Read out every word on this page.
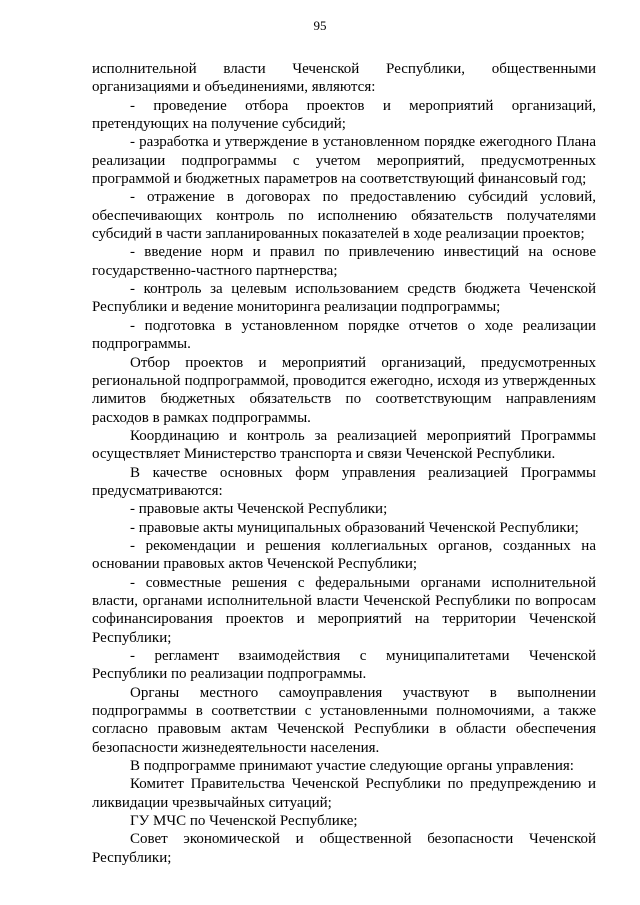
95

исполнительной власти Чеченской Республики, общественными организациями и объединениями, являются:

- проведение отбора проектов и мероприятий организаций, претендующих на получение субсидий;

- разработка и утверждение в установленном порядке ежегодного Плана реализации подпрограммы с учетом мероприятий, предусмотренных программой и бюджетных параметров на соответствующий финансовый год;

- отражение в договорах по предоставлению субсидий условий, обеспечивающих контроль по исполнению обязательств получателями субсидий в части запланированных показателей в ходе реализации проектов;

- введение норм и правил по привлечению инвестиций на основе государственно-частного партнерства;

- контроль за целевым использованием средств бюджета Чеченской Республики и ведение мониторинга реализации подпрограммы;

- подготовка в установленном порядке отчетов о ходе реализации подпрограммы.

Отбор проектов и мероприятий организаций, предусмотренных региональной подпрограммой, проводится ежегодно, исходя из утвержденных лимитов бюджетных обязательств по соответствующим направлениям расходов в рамках подпрограммы.

Координацию и контроль за реализацией мероприятий Программы осуществляет Министерство транспорта и связи Чеченской Республики.

В качестве основных форм управления реализацией Программы предусматриваются:

- правовые акты Чеченской Республики;

- правовые акты муниципальных образований Чеченской Республики;

- рекомендации и решения коллегиальных органов, созданных на основании правовых актов Чеченской Республики;

- совместные решения с федеральными органами исполнительной власти, органами исполнительной власти Чеченской Республики по вопросам софинансирования проектов и мероприятий на территории Чеченской Республики;

- регламент взаимодействия с муниципалитетами Чеченской Республики по реализации подпрограммы.

Органы местного самоуправления участвуют в выполнении подпрограммы в соответствии с установленными полномочиями, а также согласно правовым актам Чеченской Республики в области обеспечения безопасности жизнедеятельности населения.

В подпрограмме принимают участие следующие органы управления:

Комитет Правительства Чеченской Республики по предупреждению и ликвидации чрезвычайных ситуаций;

ГУ МЧС по Чеченской Республике;

Совет экономической и общественной безопасности Чеченской Республики;
